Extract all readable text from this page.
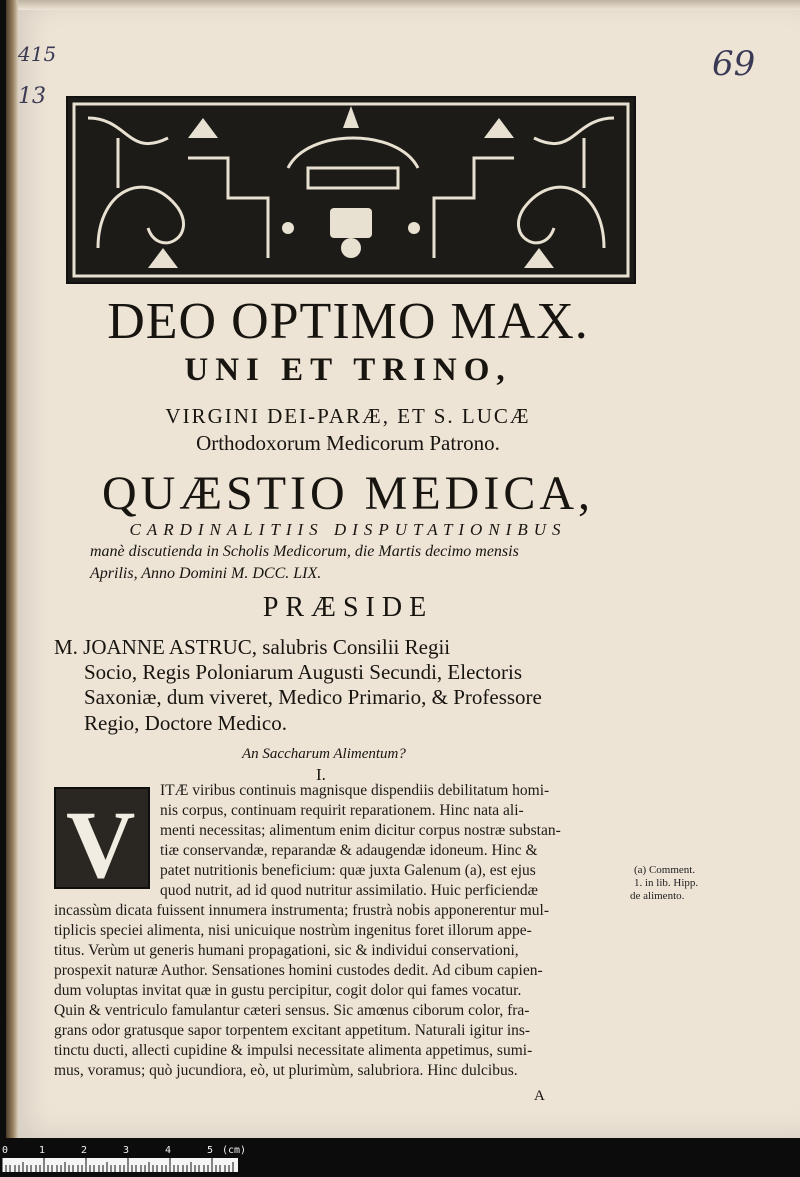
415
13
69
DEO OPTIMO MAX.
UNI ET TRINO,
VIRGINI DEI-PARÆ, ET S. LUCÆ
Orthodoxorum Medicorum Patrono.
QUÆSTIO MEDICA,
CARDINALITIIS DISPUTATIONIBUS
manè discutienda in Scholis Medicorum, die Martis decimo mensis
Aprilis, Anno Domini M. DCC. LIX.
PRÆSIDE
M. JOANNE ASTRUC, salubris Consilii Regii
Socio, Regis Poloniarum Augusti Secundi, Electoris
Saxoniæ, dum viveret, Medico Primario, & Professore
Regio, Doctore Medico.
An Saccharum Alimentum?
I.
V
ITÆ viribus continuis magnisque dispendiis debilitatum homi-
nis corpus, continuam requirit reparationem. Hinc nata ali-
menti necessitas; alimentum enim dicitur corpus nostræ substan-
tiæ conservandæ, reparandæ & adaugendæ idoneum. Hinc &
patet nutritionis beneficium: quæ juxta Galenum (a), est ejus
quod nutrit, ad id quod nutritur assimilatio. Huic perficiendæ
incassùm dicata fuissent innumera instrumenta; frustrà nobis apponerentur mul-
tiplicis speciei alimenta, nisi unicuique nostrùm ingenitus foret illorum appe-
titus. Verùm ut generis humani propagationi, sic & individui conservationi,
prospexit naturæ Author. Sensationes homini custodes dedit. Ad cibum capien-
dum voluptas invitat quæ in gustu percipitur, cogit dolor qui fames vocatur.
Quin & ventriculo famulantur cæteri sensus. Sic amœnus ciborum color, fra-
grans odor gratusque sapor torpentem excitant appetitum. Naturali igitur ins-
tinctu ducti, allecti cupidine & impulsi necessitate alimenta appetimus, sumi-
mus, voramus; quò jucundiora, eò, ut plurimùm, salubriora. Hinc dulcibus.
A
(a) Comment.
1. in lib. Hipp.
de alimento.
0	1	2	3	4	5 (cm)
